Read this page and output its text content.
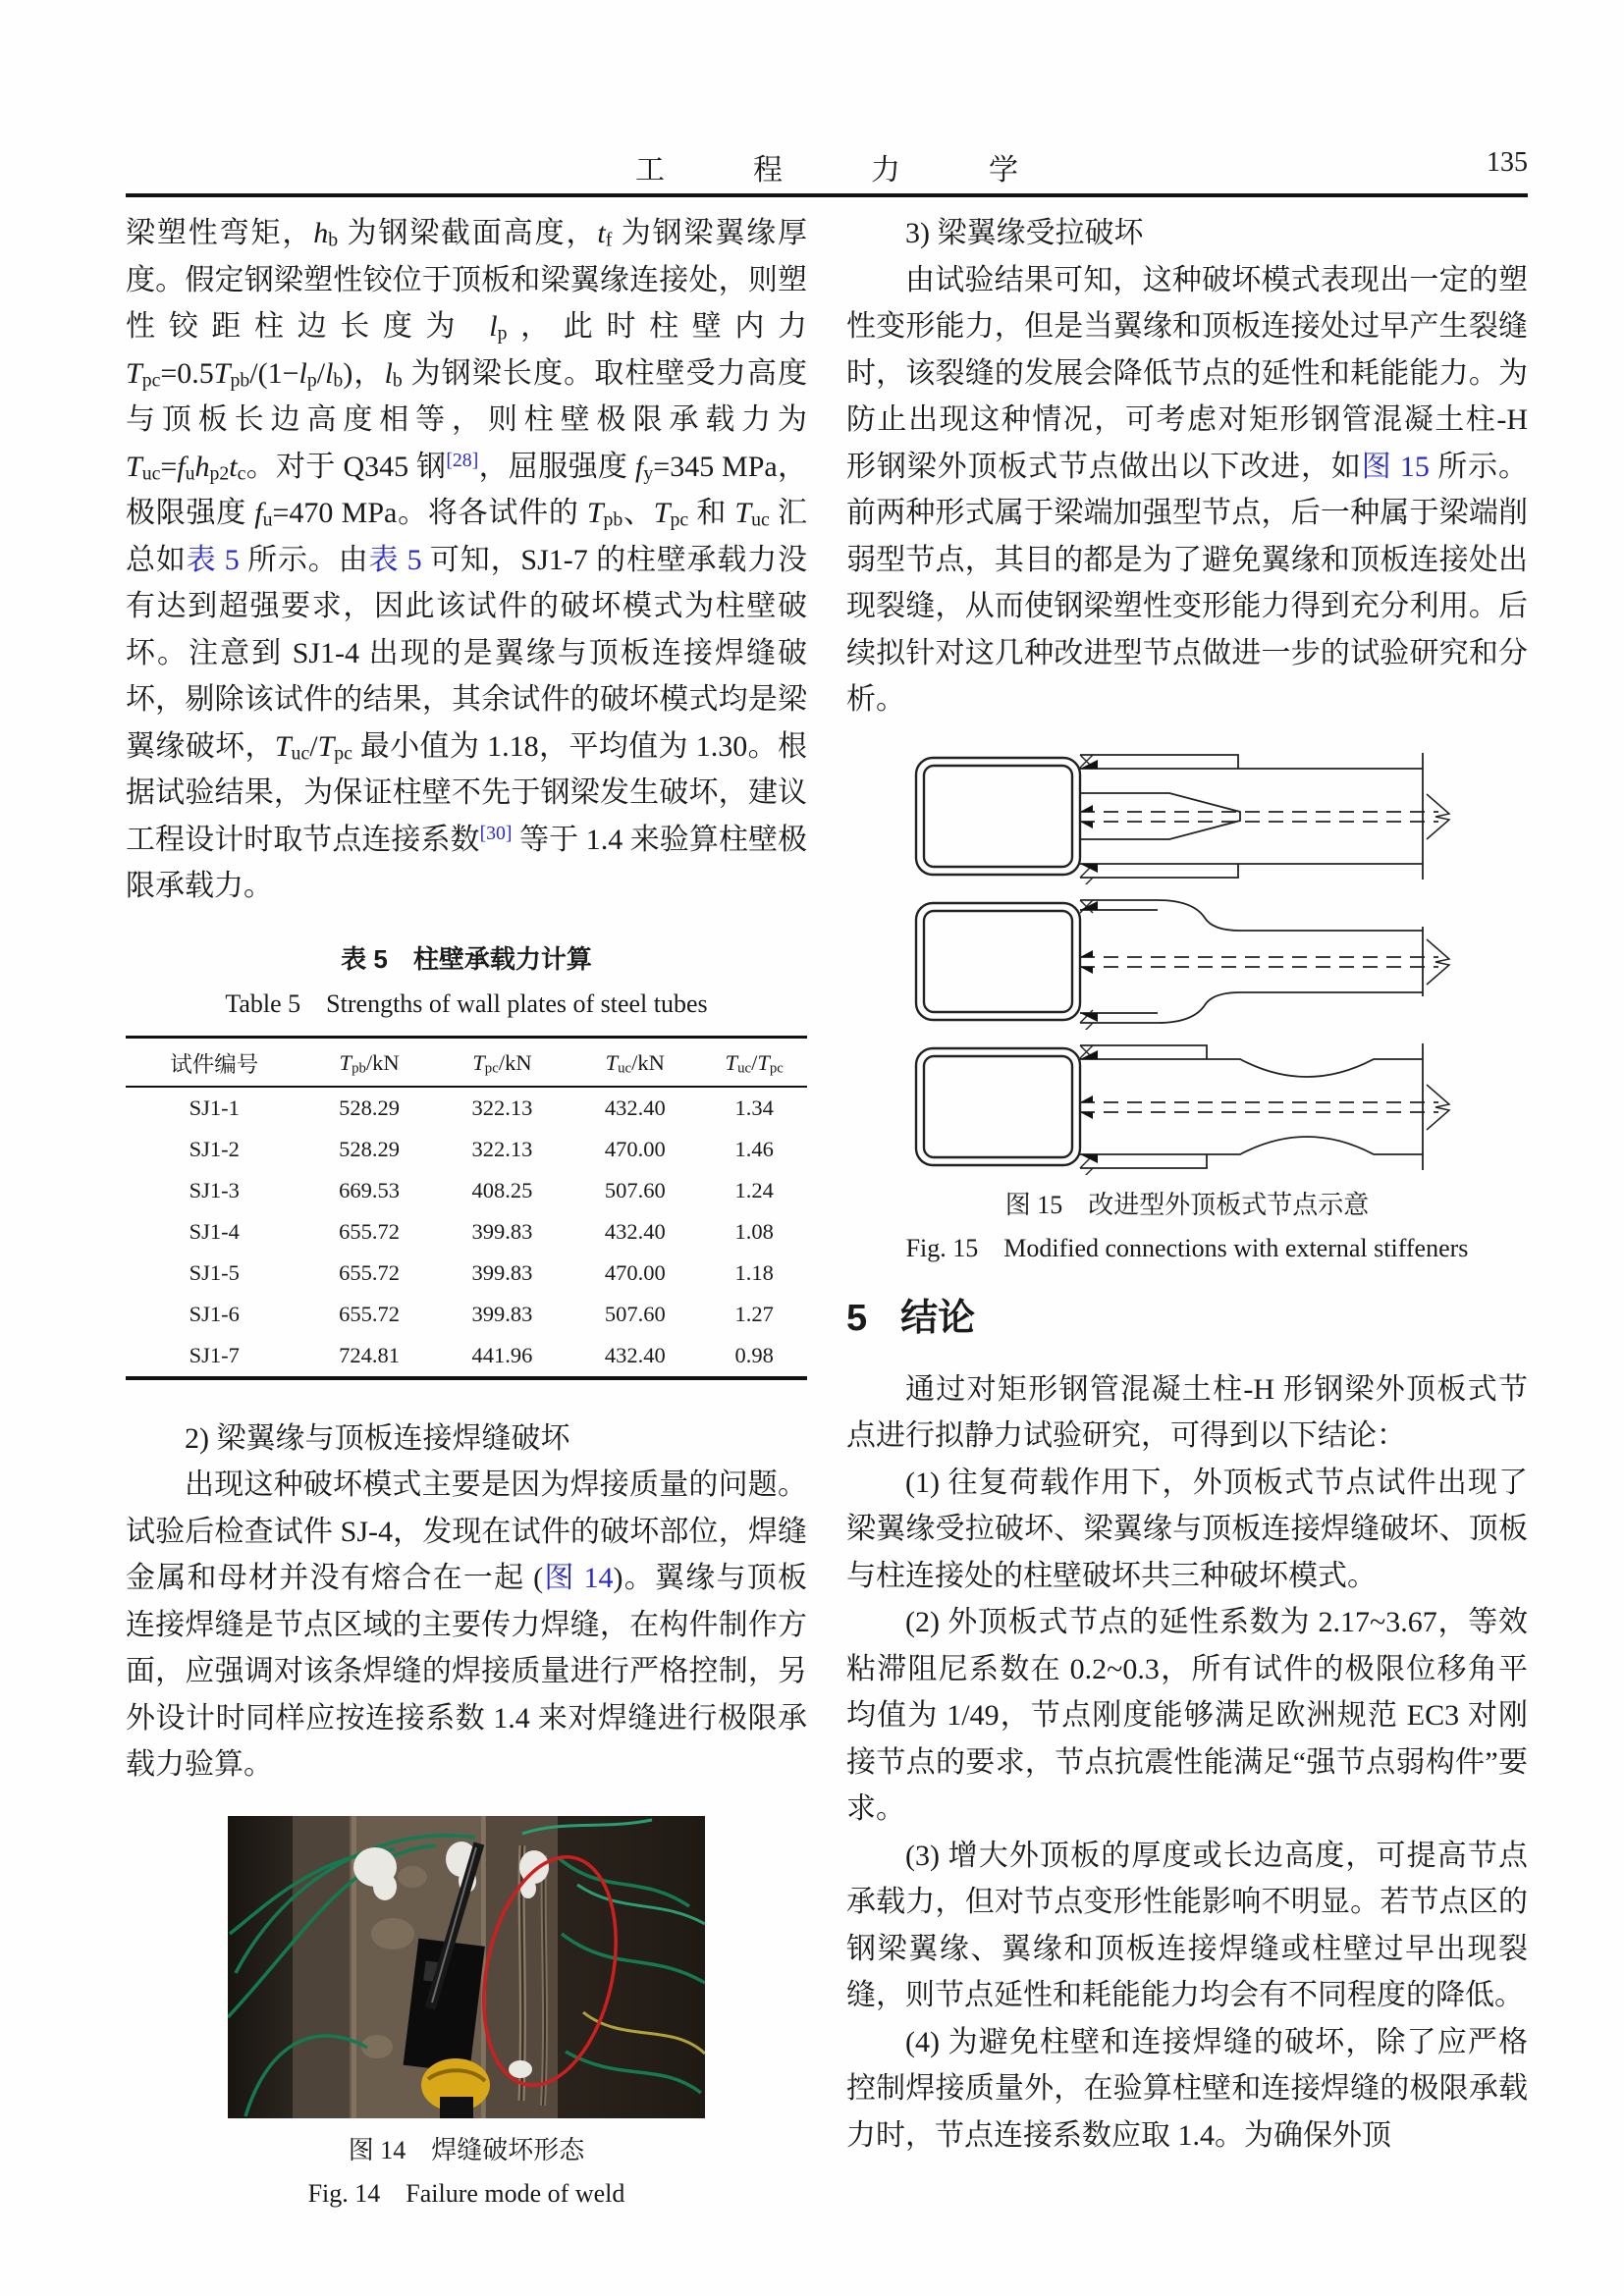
工　程　力　学	135

梁塑性弯矩，hb 为钢梁截面高度，tf 为钢梁翼缘厚度。假定钢梁塑性铰位于顶板和梁翼缘连接处，则塑性铰距柱边长度为 lp，此时柱壁内力 Tpc=0.5Tpb/(1−lp/lb)，lb 为钢梁长度。取柱壁受力高度与顶板长边高度相等，则柱壁极限承载力为 Tuc=fuhp2tc。对于 Q345 钢[28]，屈服强度 fy=345 MPa，极限强度 fu=470 MPa。将各试件的 Tpb、Tpc 和 Tuc 汇总如表 5 所示。由表 5 可知，SJ1-7 的柱壁承载力没有达到超强要求，因此该试件的破坏模式为柱壁破坏。注意到 SJ1-4 出现的是翼缘与顶板连接焊缝破坏，剔除该试件的结果，其余试件的破坏模式均是梁翼缘破坏，Tuc/Tpc 最小值为 1.18，平均值为 1.30。根据试验结果，为保证柱壁不先于钢梁发生破坏，建议工程设计时取节点连接系数[30] 等于 1.4 来验算柱壁极限承载力。

表 5　柱壁承载力计算
Table 5　Strengths of wall plates of steel tubes
试件编号	Tpb/kN	Tpc/kN	Tuc/kN	Tuc/Tpc
SJ1-1	528.29	322.13	432.40	1.34
SJ1-2	528.29	322.13	470.00	1.46
SJ1-3	669.53	408.25	507.60	1.24
SJ1-4	655.72	399.83	432.40	1.08
SJ1-5	655.72	399.83	470.00	1.18
SJ1-6	655.72	399.83	507.60	1.27
SJ1-7	724.81	441.96	432.40	0.98

2) 梁翼缘与顶板连接焊缝破坏

出现这种破坏模式主要是因为焊接质量的问题。试验后检查试件 SJ-4，发现在试件的破坏部位，焊缝金属和母材并没有熔合在一起 (图 14)。翼缘与顶板连接焊缝是节点区域的主要传力焊缝，在构件制作方面，应强调对该条焊缝的焊接质量进行严格控制，另外设计时同样应按连接系数 1.4 来对焊缝进行极限承载力验算。

图 14　焊缝破坏形态
Fig. 14　Failure mode of weld

3) 梁翼缘受拉破坏

由试验结果可知，这种破坏模式表现出一定的塑性变形能力，但是当翼缘和顶板连接处过早产生裂缝时，该裂缝的发展会降低节点的延性和耗能能力。为防止出现这种情况，可考虑对矩形钢管混凝土柱-H 形钢梁外顶板式节点做出以下改进，如图 15 所示。前两种形式属于梁端加强型节点，后一种属于梁端削弱型节点，其目的都是为了避免翼缘和顶板连接处出现裂缝，从而使钢梁塑性变形能力得到充分利用。后续拟针对这几种改进型节点做进一步的试验研究和分析。

图 15　改进型外顶板式节点示意
Fig. 15　Modified connections with external stiffeners
5 结论

通过对矩形钢管混凝土柱-H 形钢梁外顶板式节点进行拟静力试验研究，可得到以下结论：

(1) 往复荷载作用下，外顶板式节点试件出现了梁翼缘受拉破坏、梁翼缘与顶板连接焊缝破坏、顶板与柱连接处的柱壁破坏共三种破坏模式。

(2) 外顶板式节点的延性系数为 2.17~3.67，等效粘滞阻尼系数在 0.2~0.3，所有试件的极限位移角平均值为 1/49，节点刚度能够满足欧洲规范 EC3 对刚接节点的要求，节点抗震性能满足“强节点弱构件”要求。

(3) 增大外顶板的厚度或长边高度，可提高节点承载力，但对节点变形性能影响不明显。若节点区的钢梁翼缘、翼缘和顶板连接焊缝或柱壁过早出现裂缝，则节点延性和耗能能力均会有不同程度的降低。

(4) 为避免柱壁和连接焊缝的破坏，除了应严格控制焊接质量外，在验算柱壁和连接焊缝的极限承载力时，节点连接系数应取 1.4。为确保外顶
